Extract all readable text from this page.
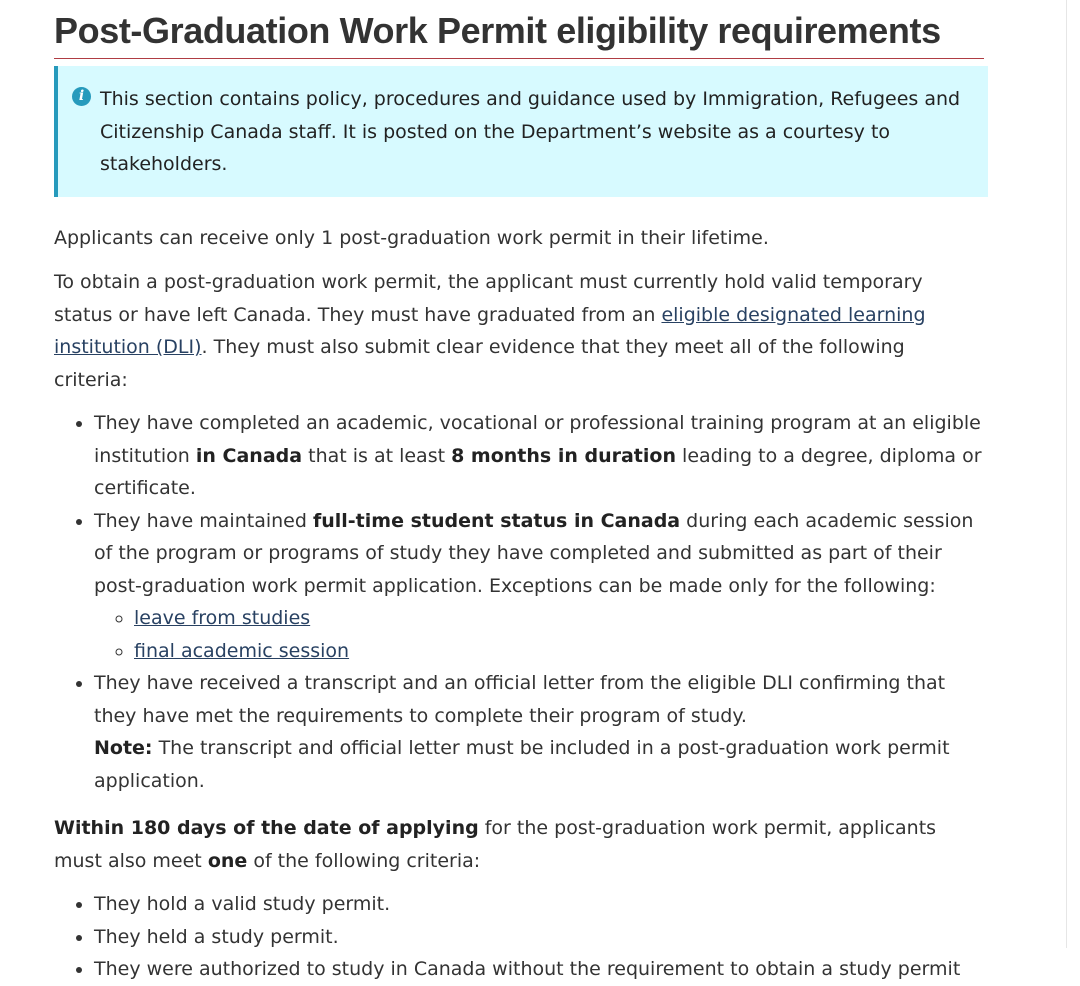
Post-Graduation Work Permit eligibility requirements
i This section contains policy, procedures and guidance used by Immigration, Refugees and Citizenship Canada staff. It is posted on the Department’s website as a courtesy to stakeholders.

Applicants can receive only 1 post-graduation work permit in their lifetime.

To obtain a post-graduation work permit, the applicant must currently hold valid temporary status or have left Canada. They must have graduated from an eligible designated learning institution (DLI). They must also submit clear evidence that they meet all of the following criteria:

• They have completed an academic, vocational or professional training program at an eligible institution in Canada that is at least 8 months in duration leading to a degree, diploma or certificate.
• They have maintained full-time student status in Canada during each academic session of the program or programs of study they have completed and submitted as part of their post-graduation work permit application. Exceptions can be made only for the following:
◦ leave from studies
◦ final academic session
• They have received a transcript and an official letter from the eligible DLI confirming that they have met the requirements to complete their program of study.
Note: The transcript and official letter must be included in a post-graduation work permit application.

Within 180 days of the date of applying for the post-graduation work permit, applicants must also meet one of the following criteria:

• They hold a valid study permit.
• They held a study permit.
• They were authorized to study in Canada without the requirement to obtain a study permit
